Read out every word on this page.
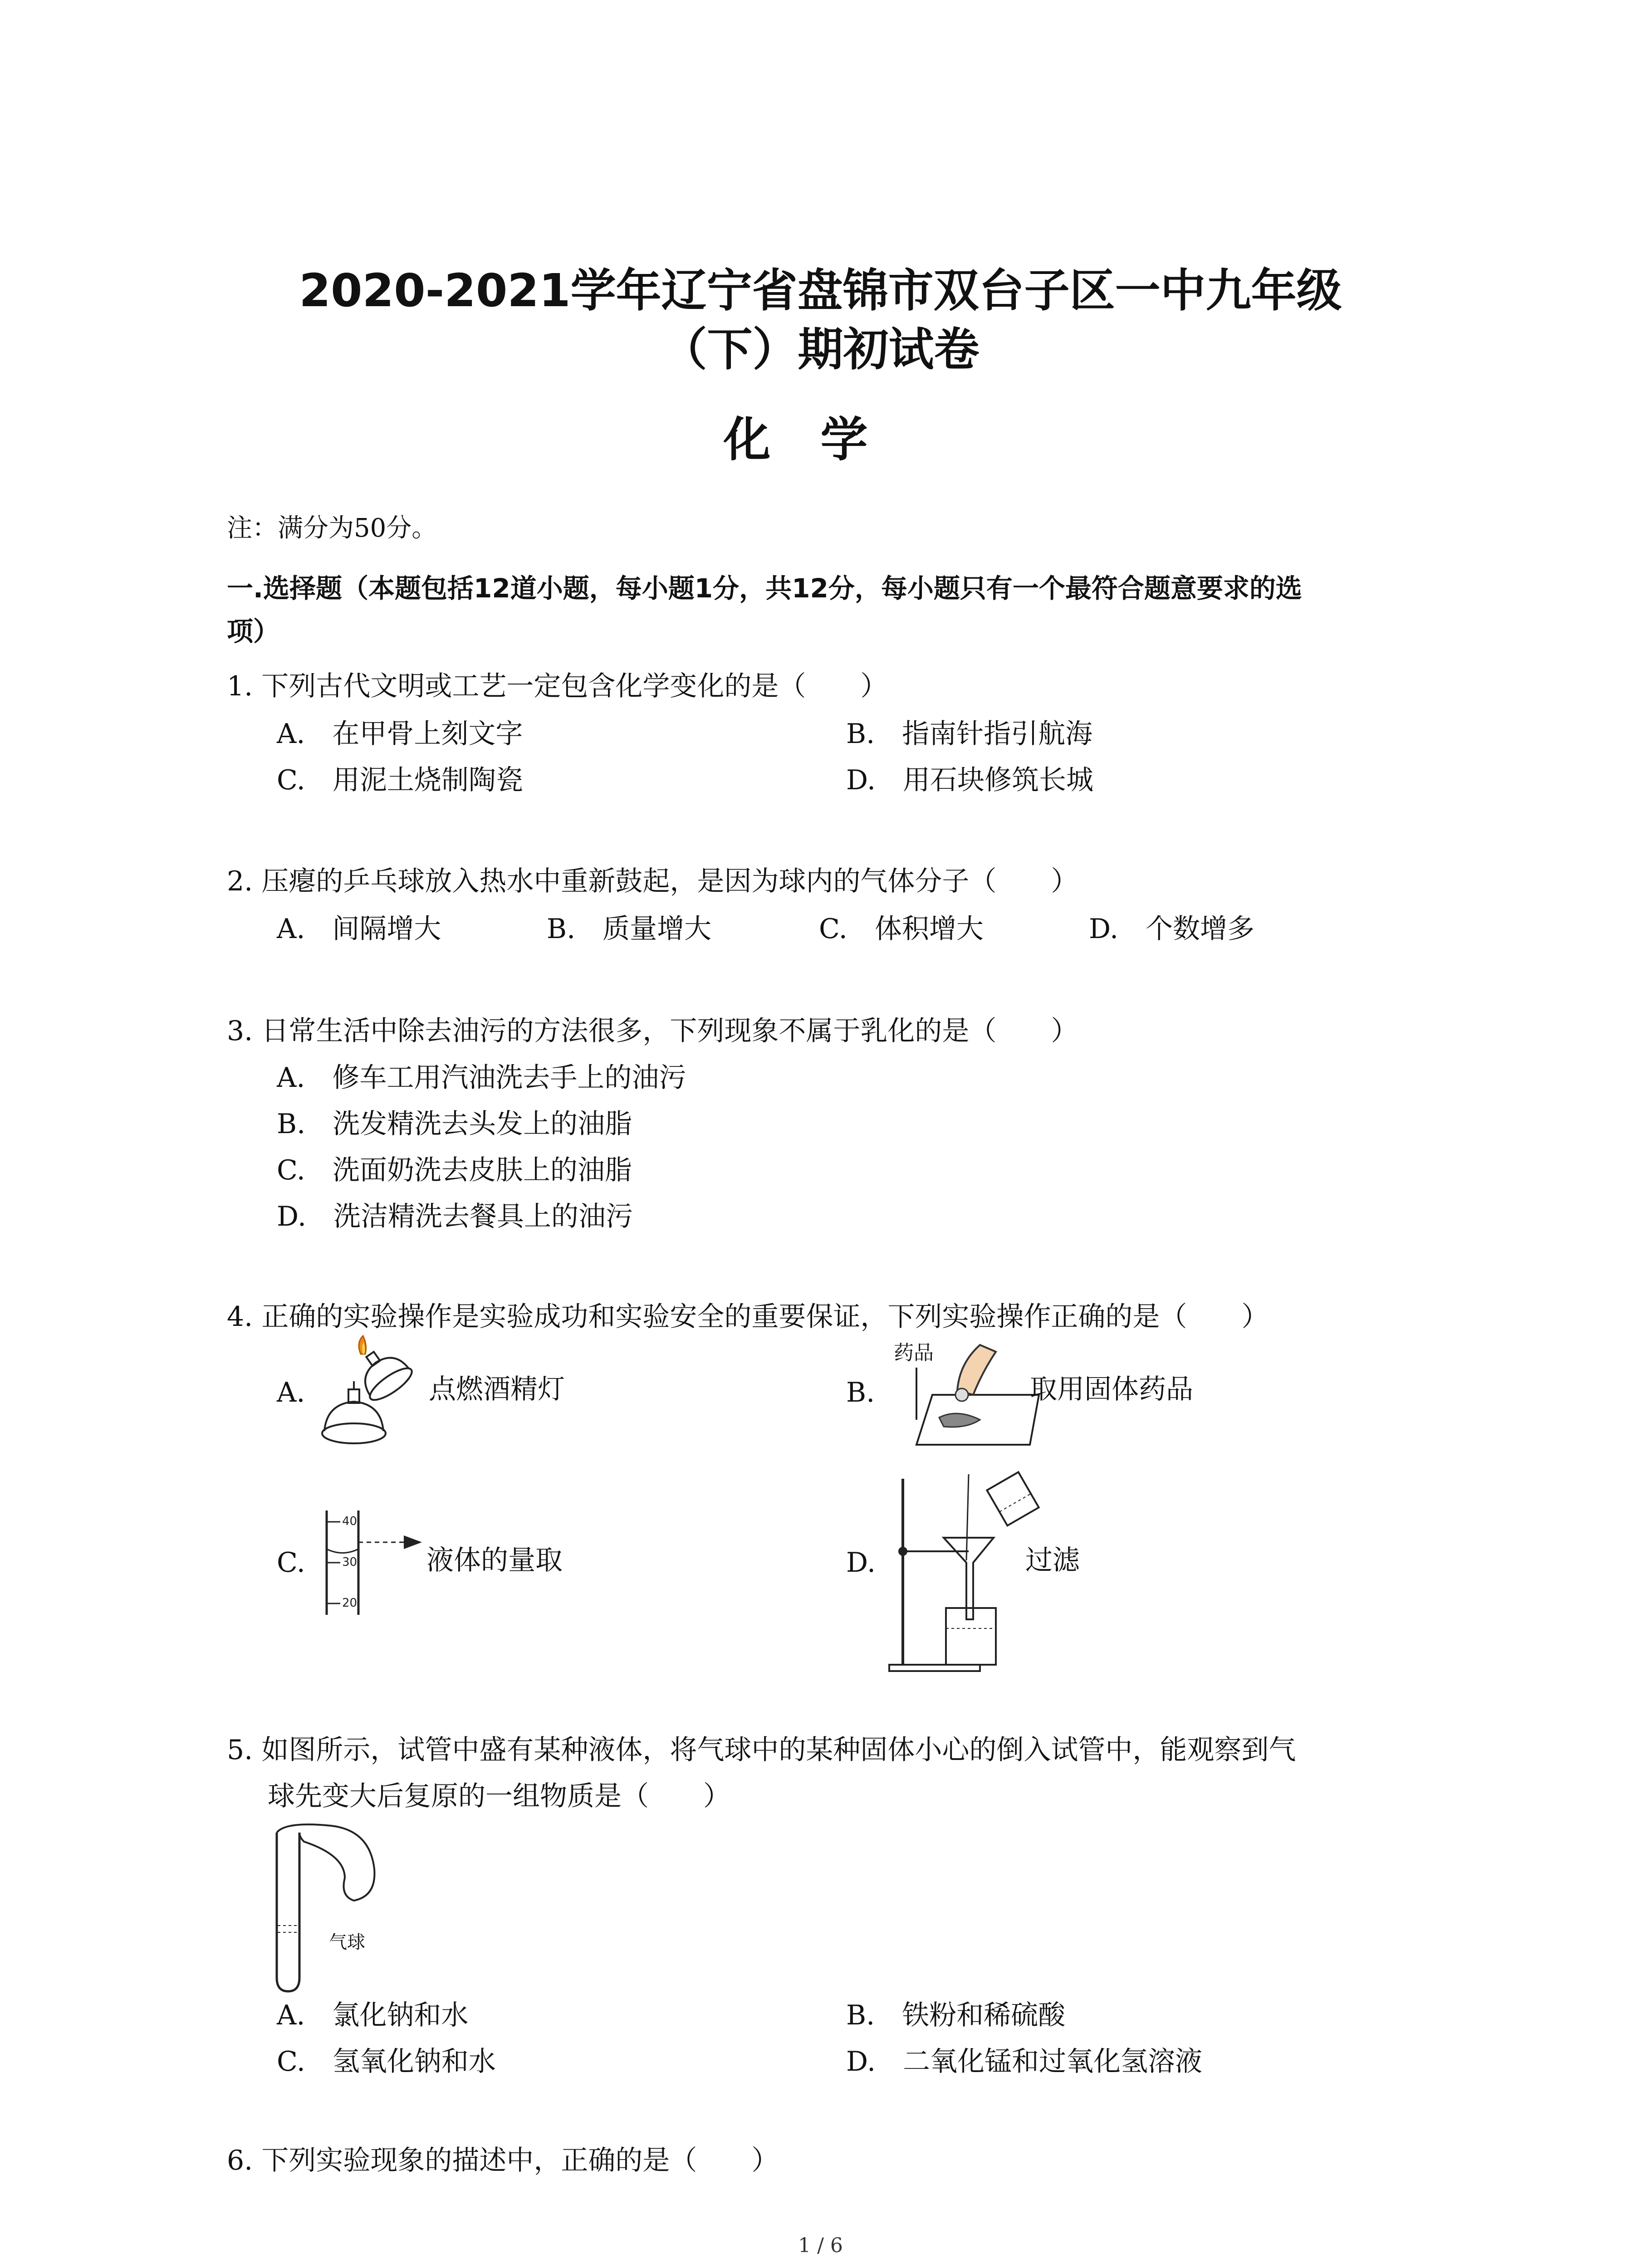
2020-2021学年辽宁省盘锦市双台子区一中九年级
（下）期初试卷
化学
注：满分为50分。
一.选择题（本题包括12道小题，每小题1分，共12分，每小题只有一个最符合题意要求的选
项）
1. 下列古代文明或工艺一定包含化学变化的是（　　）
A.　在甲骨上刻文字	B.　指南针指引航海
C.　用泥土烧制陶瓷	D.　用石块修筑长城
2. 压瘪的乒乓球放入热水中重新鼓起，是因为球内的气体分子（　　）
A.　间隔增大	B.　质量增大	C.　体积增大	D.　个数增多
3. 日常生活中除去油污的方法很多，下列现象不属于乳化的是（　　）
A.　修车工用汽油洗去手上的油污
B.　洗发精洗去头发上的油脂
C.　洗面奶洗去皮肤上的油脂
D.　洗洁精洗去餐具上的油污
4. 正确的实验操作是实验成功和实验安全的重要保证，下列实验操作正确的是（　　）
A.	点燃酒精灯	B.
药品
取用固体药品
C.
40
30
20
液体的量取	D.	过滤
5. 如图所示，试管中盛有某种液体，将气球中的某种固体小心的倒入试管中，能观察到气
球先变大后复原的一组物质是（　　）
气球
A.　氯化钠和水	B.　铁粉和稀硫酸
C.　氢氧化钠和水	D.　二氧化锰和过氧化氢溶液
6. 下列实验现象的描述中，正确的是（　　）
1 / 6
